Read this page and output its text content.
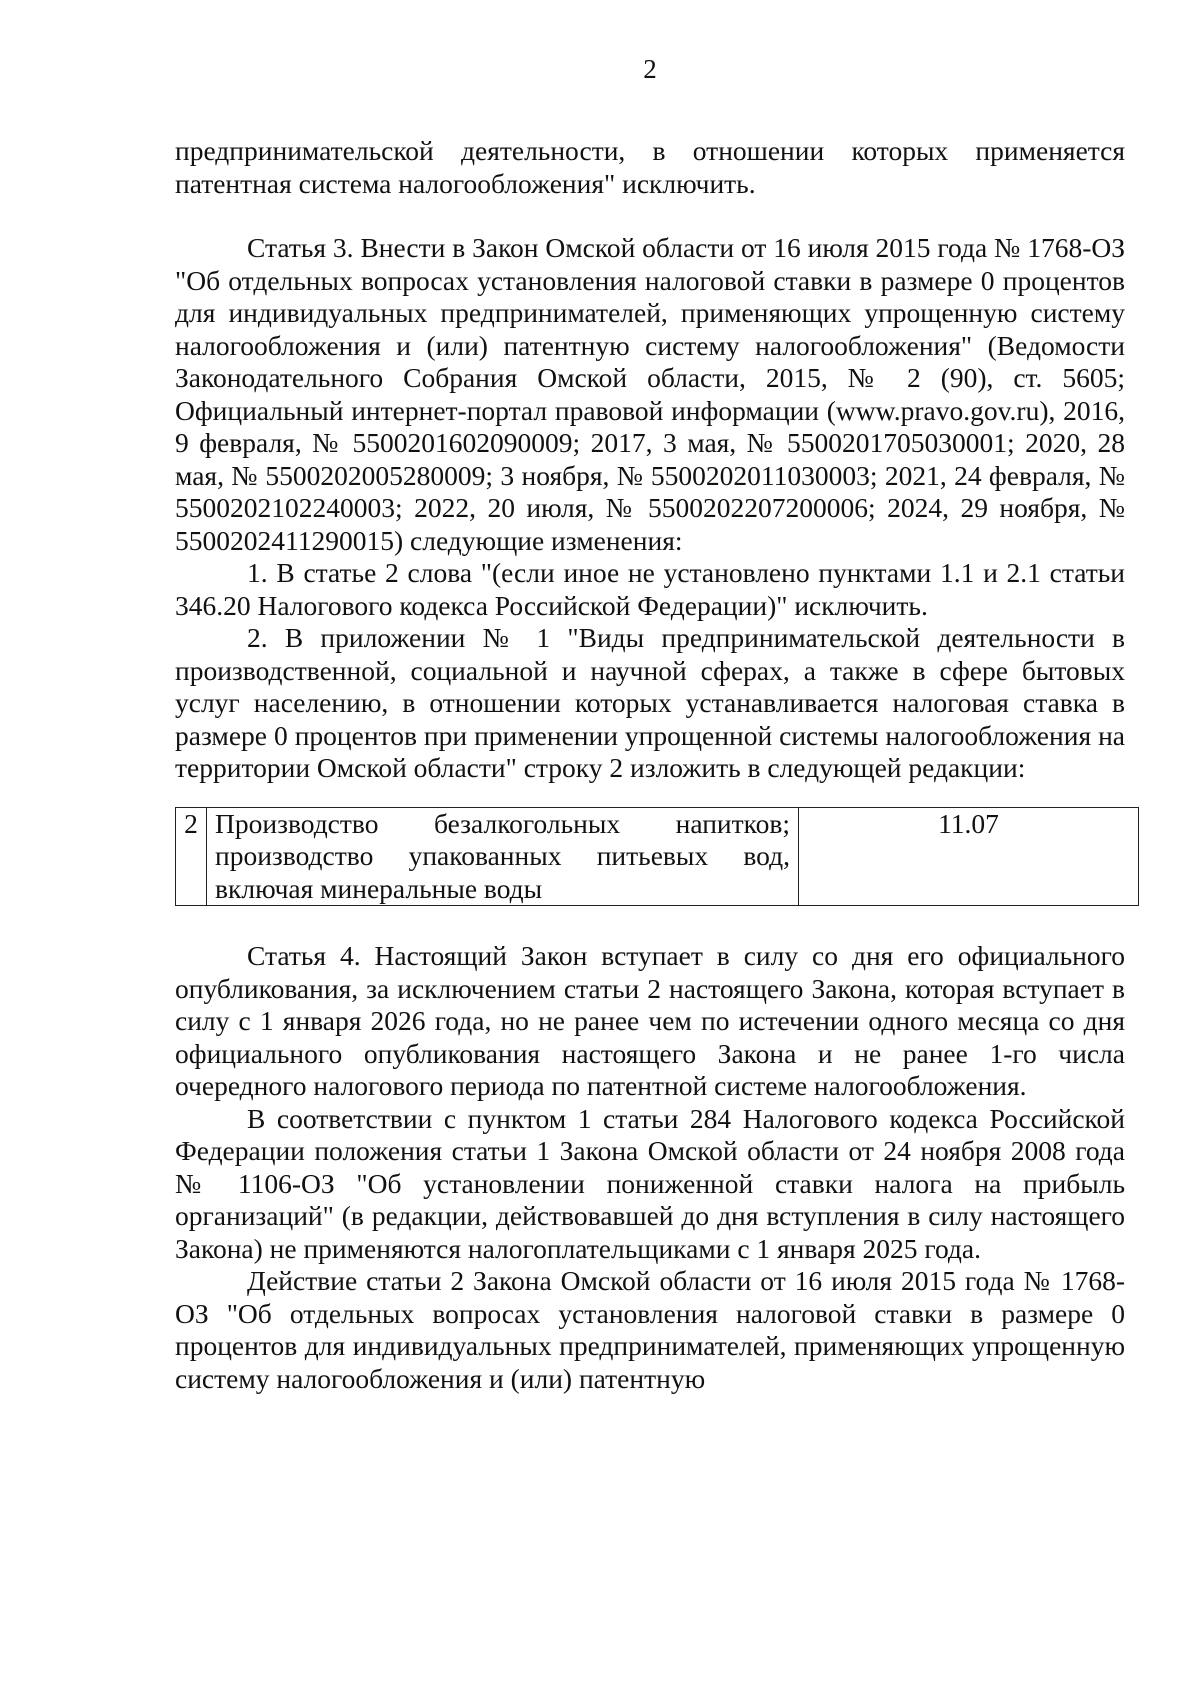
2

предпринимательской деятельности, в отношении которых применяется патентная система налогообложения" исключить.

Статья 3. Внести в Закон Омской области от 16 июля 2015 года № 1768-ОЗ "Об отдельных вопросах установления налоговой ставки в размере 0 процентов для индивидуальных предпринимателей, применяющих упрощенную систему налогообложения и (или) патентную систему налогообложения" (Ведомости Законодательного Собрания Омской области, 2015, № 2 (90), ст. 5605; Официальный интернет-портал правовой информации (www.pravo.gov.ru), 2016, 9 февраля, № 5500201602090009; 2017, 3 мая, № 5500201705030001; 2020, 28 мая, № 5500202005280009; 3 ноября, № 5500202011030003; 2021, 24 февраля, № 5500202102240003; 2022, 20 июля, № 5500202207200006; 2024, 29 ноября, № 5500202411290015) следующие изменения:

1. В статье 2 слова "(если иное не установлено пунктами 1.1 и 2.1 статьи 346.20 Налогового кодекса Российской Федерации)" исключить.

2. В приложении № 1 "Виды предпринимательской деятельности в производственной, социальной и научной сферах, а также в сфере бытовых услуг населению, в отношении которых устанавливается налоговая ставка в размере 0 процентов при применении упрощенной системы налогообложения на территории Омской области" строку 2 изложить в следующей редакции:

2	Производство безалкогольных напитков; производство упакованных питьевых вод, включая минеральные воды	11.07

Статья 4. Настоящий Закон вступает в силу со дня его официального опубликования, за исключением статьи 2 настоящего Закона, которая вступает в силу с 1 января 2026 года, но не ранее чем по истечении одного месяца со дня официального опубликования настоящего Закона и не ранее 1-го числа очередного налогового периода по патентной системе налогообложения.

В соответствии с пунктом 1 статьи 284 Налогового кодекса Российской Федерации положения статьи 1 Закона Омской области от 24 ноября 2008 года № 1106-ОЗ "Об установлении пониженной ставки налога на прибыль организаций" (в редакции, действовавшей до дня вступления в силу настоящего Закона) не применяются налогоплательщиками с 1 января 2025 года.

Действие статьи 2 Закона Омской области от 16 июля 2015 года № 1768-ОЗ "Об отдельных вопросах установления налоговой ставки в размере 0 процентов для индивидуальных предпринимателей, применяющих упрощенную систему налогообложения и (или) патентную
